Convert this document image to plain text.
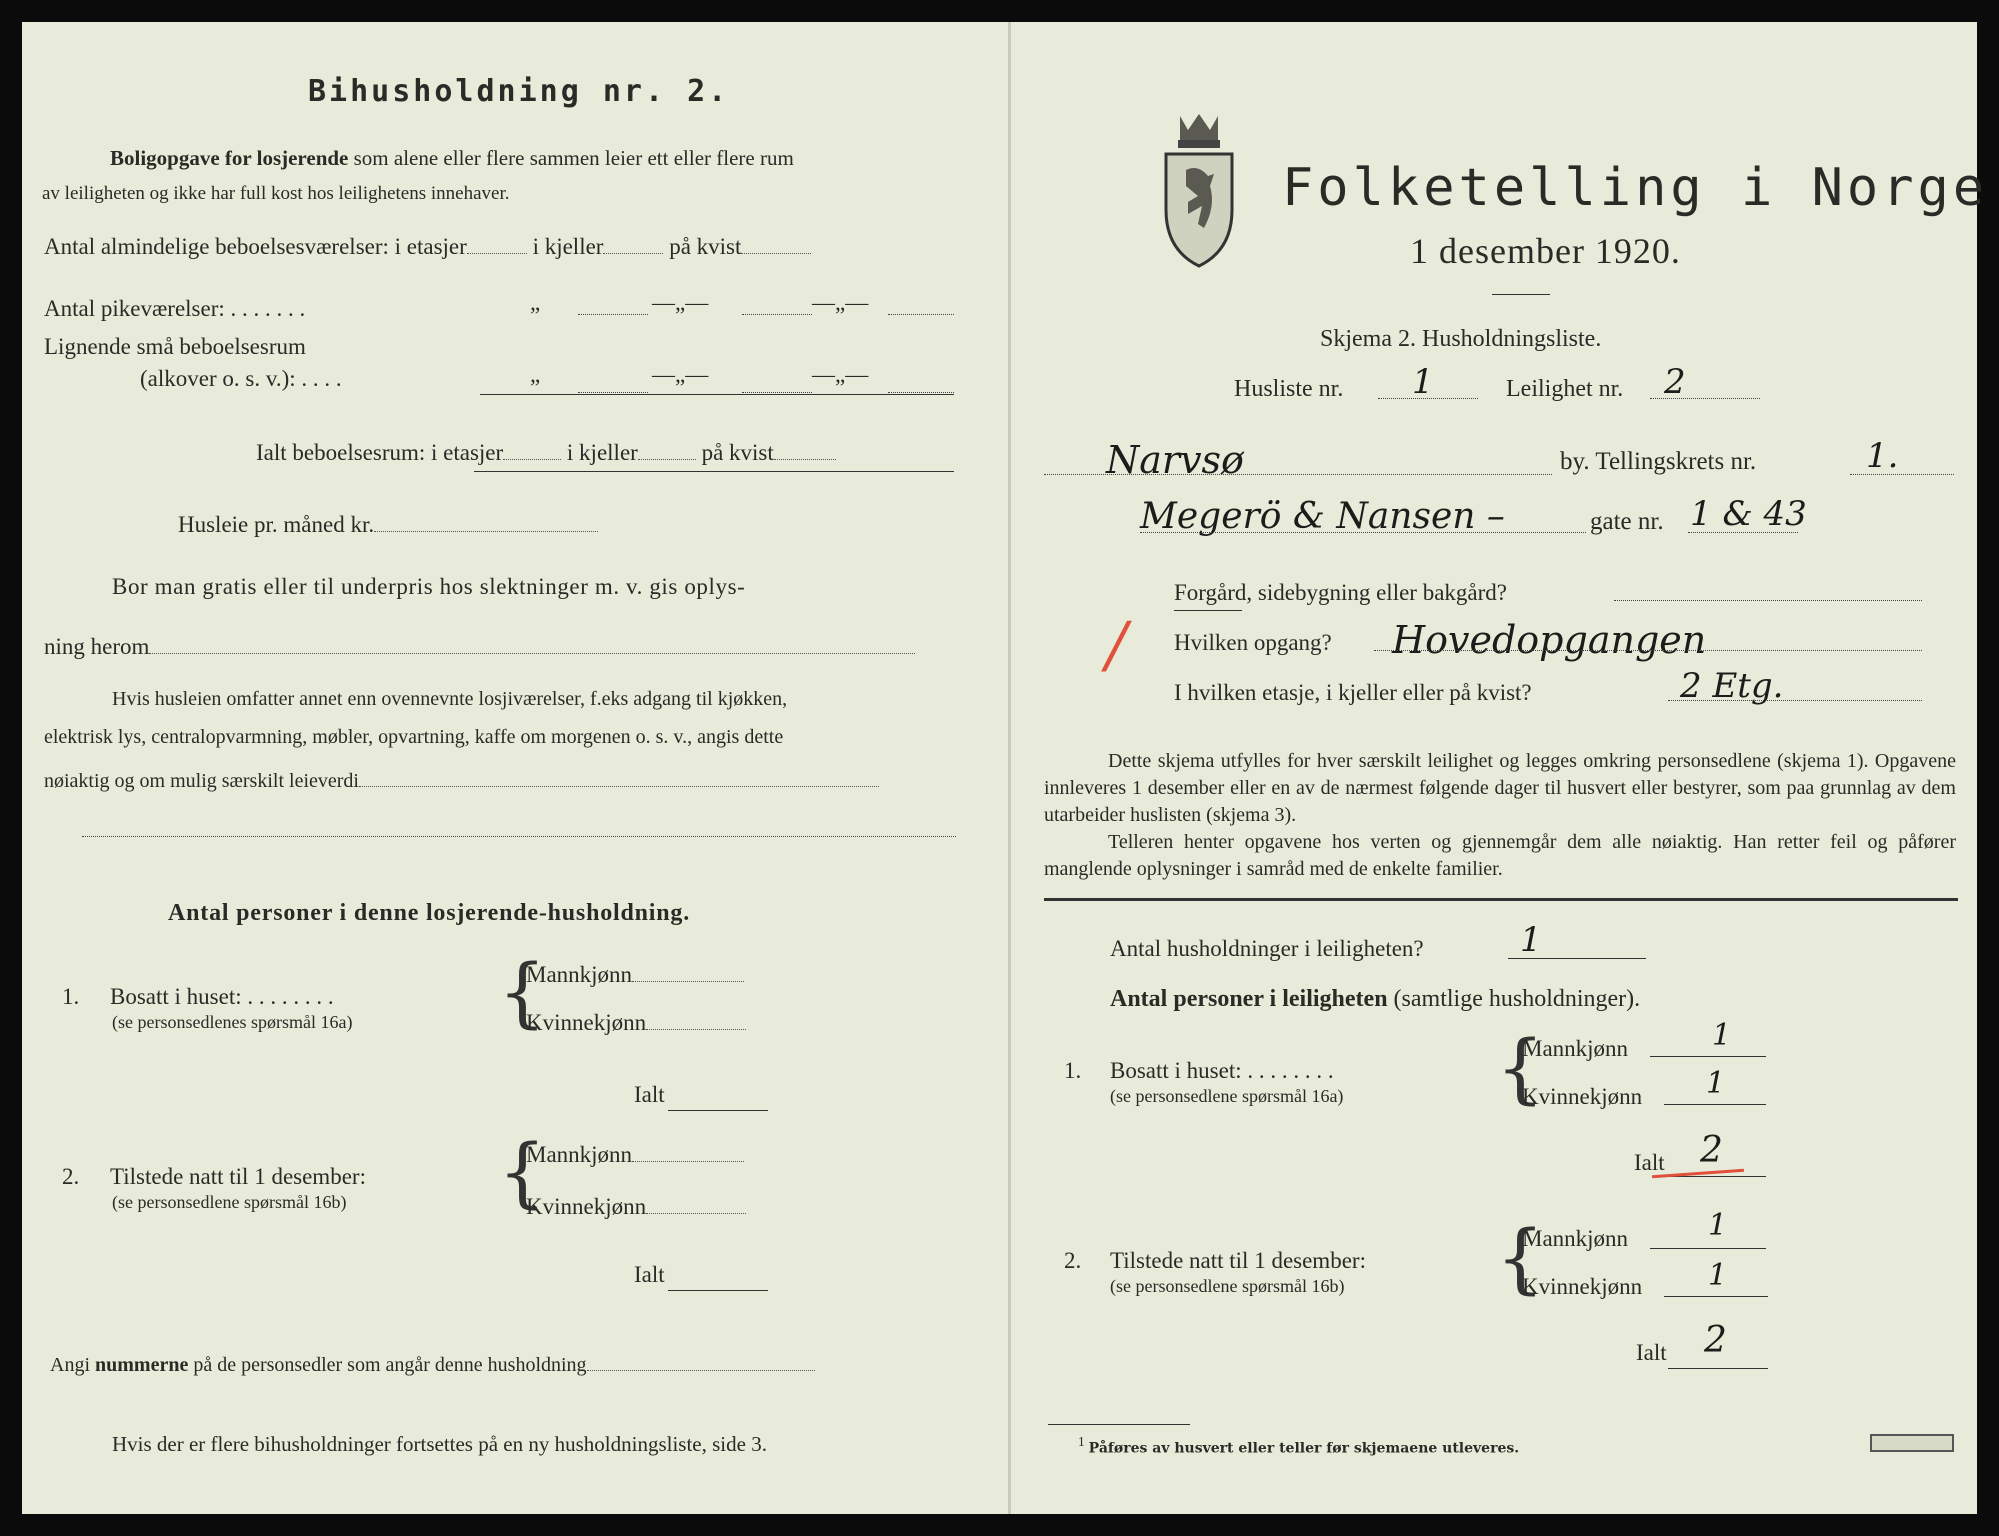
Bihusholdning nr. 2.
Boligopgave for losjerende som alene eller flere sammen leier ett eller flere rum
av leiligheten og ikke har full kost hos leilighetens innehaver.
Antal almindelige beboelsesværelser: i etasjer	i kjeller	på kvist
Antal pikeværelser: . . . . . . .	„	—„—	—„—
Lignende små beboelsesrum
(alkover o. s. v.): . . . .	„	—„—	—„—
Ialt beboelsesrum: i etasjer	i kjeller	på kvist
Husleie pr. måned kr.
Bor man gratis eller til underpris hos slektninger m. v. gis oplys-
ning herom
Hvis husleien omfatter annet enn ovennevnte losjiværelser, f.eks adgang til kjøkken,
elektrisk lys, centralopvarmning, møbler, opvartning, kaffe om morgenen o. s. v., angis dette
nøiaktig og om mulig særskilt leieverdi
Antal personer i denne losjerende-husholdning.
1. Bosatt i huset: . . . . . . . .
(se personsedlenes spørsmål 16a) {
Mannkjønn
Kvinnekjønn
Ialt
2. Tilstede natt til 1 desember:
(se personsedlene spørsmål 16b) {
Mannkjønn
Kvinnekjønn
Ialt
Angi nummerne på de personsedler som angår denne husholdning
Hvis der er flere bihusholdninger fortsettes på en ny husholdningsliste, side 3.
Folketelling i Norge
1 desember 1920.
Skjema 2. Husholdningsliste.
Husliste nr. 1	Leilighet nr. 2
Narvsø	by. Tellingskrets nr.	1.
Megerö & Nansen –	gate nr. 1 & 43
/
Forgård, sidebygning eller bakgård?
Hvilken opgang? Hovedopgangen
I hvilken etasje, i kjeller eller på kvist?	2 Etg.
Dette skjema utfylles for hver særskilt leilighet og legges omkring personsedlene (skjema 1). Opgavene innleveres 1 desember eller en av de nærmest følgende dager til husvert eller bestyrer, som paa grunnlag av dem utarbeider huslisten (skjema 3).
Telleren henter opgavene hos verten og gjennemgår dem alle nøiaktig. Han retter feil og påfører manglende oplysninger i samråd med de enkelte familier.
Antal husholdninger i leiligheten?	1
Antal personer i leiligheten (samtlige husholdninger).
1. Bosatt i huset: . . . . . . . .
(se personsedlene spørsmål 16a) {
Mannkjønn	1
Kvinnekjønn 1
Ialt 2
2. Tilstede natt til 1 desember:
(se personsedlene spørsmål 16b) {
Mannkjønn	1
Kvinnekjønn 1
Ialt 2
$^1$ Påføres av husvert eller teller før skjemaene utleveres.
